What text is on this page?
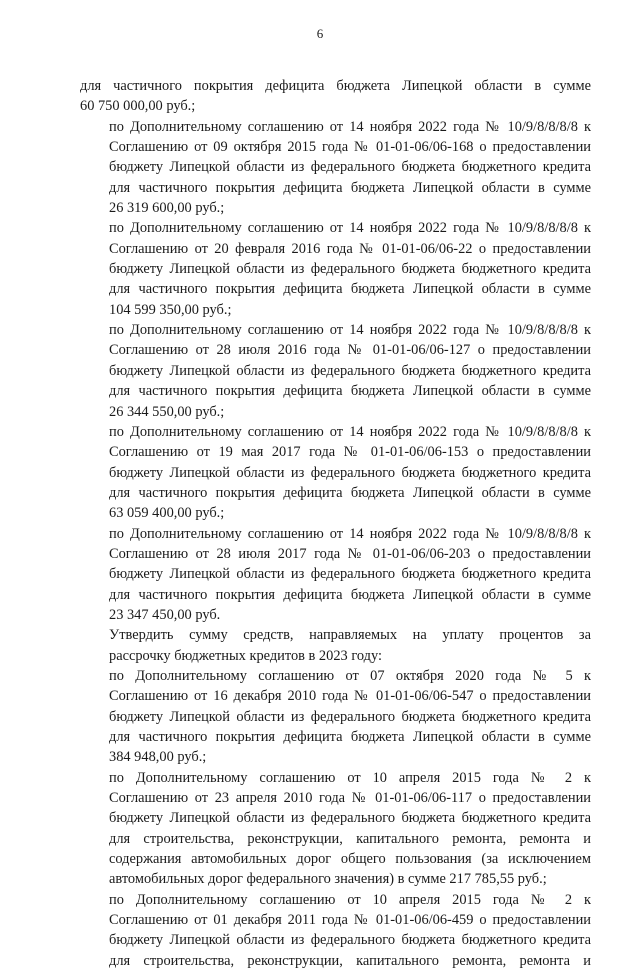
6

для частичного покрытия дефицита бюджета Липецкой области в сумме
60 750 000,00 руб.;

по Дополнительному соглашению от 14 ноября 2022 года № 10/9/8/8/8/8 к
Соглашению от 09 октября 2015 года № 01-01-06/06-168 о предоставлении
бюджету Липецкой области из федерального бюджета бюджетного кредита
для частичного покрытия дефицита бюджета Липецкой области в сумме
26 319 600,00 руб.;

по Дополнительному соглашению от 14 ноября 2022 года № 10/9/8/8/8/8 к
Соглашению от 20 февраля 2016 года № 01-01-06/06-22 о предоставлении
бюджету Липецкой области из федерального бюджета бюджетного кредита
для частичного покрытия дефицита бюджета Липецкой области в сумме
104 599 350,00 руб.;

по Дополнительному соглашению от 14 ноября 2022 года № 10/9/8/8/8/8 к
Соглашению от 28 июля 2016 года № 01-01-06/06-127 о предоставлении
бюджету Липецкой области из федерального бюджета бюджетного кредита
для частичного покрытия дефицита бюджета Липецкой области в сумме
26 344 550,00 руб.;

по Дополнительному соглашению от 14 ноября 2022 года № 10/9/8/8/8/8 к
Соглашению от 19 мая 2017 года № 01-01-06/06-153 о предоставлении
бюджету Липецкой области из федерального бюджета бюджетного кредита
для частичного покрытия дефицита бюджета Липецкой области в сумме
63 059 400,00 руб.;

по Дополнительному соглашению от 14 ноября 2022 года № 10/9/8/8/8/8 к
Соглашению от 28 июля 2017 года № 01-01-06/06-203 о предоставлении
бюджету Липецкой области из федерального бюджета бюджетного кредита
для частичного покрытия дефицита бюджета Липецкой области в сумме
23 347 450,00 руб.

Утвердить сумму средств, направляемых на уплату процентов за
рассрочку бюджетных кредитов в 2023 году:

по Дополнительному соглашению от 07 октября 2020 года № 5 к
Соглашению от 16 декабря 2010 года № 01-01-06/06-547 о предоставлении
бюджету Липецкой области из федерального бюджета бюджетного кредита
для частичного покрытия дефицита бюджета Липецкой области в сумме
384 948,00 руб.;

по Дополнительному соглашению от 10 апреля 2015 года № 2 к
Соглашению от 23 апреля 2010 года № 01-01-06/06-117 о предоставлении
бюджету Липецкой области из федерального бюджета бюджетного кредита
для строительства, реконструкции, капитального ремонта, ремонта и
содержания автомобильных дорог общего пользования (за исключением
автомобильных дорог федерального значения) в сумме 217 785,55 руб.;

по Дополнительному соглашению от 10 апреля 2015 года № 2 к
Соглашению от 01 декабря 2011 года № 01-01-06/06-459 о предоставлении
бюджету Липецкой области из федерального бюджета бюджетного кредита
для строительства, реконструкции, капитального ремонта, ремонта и
